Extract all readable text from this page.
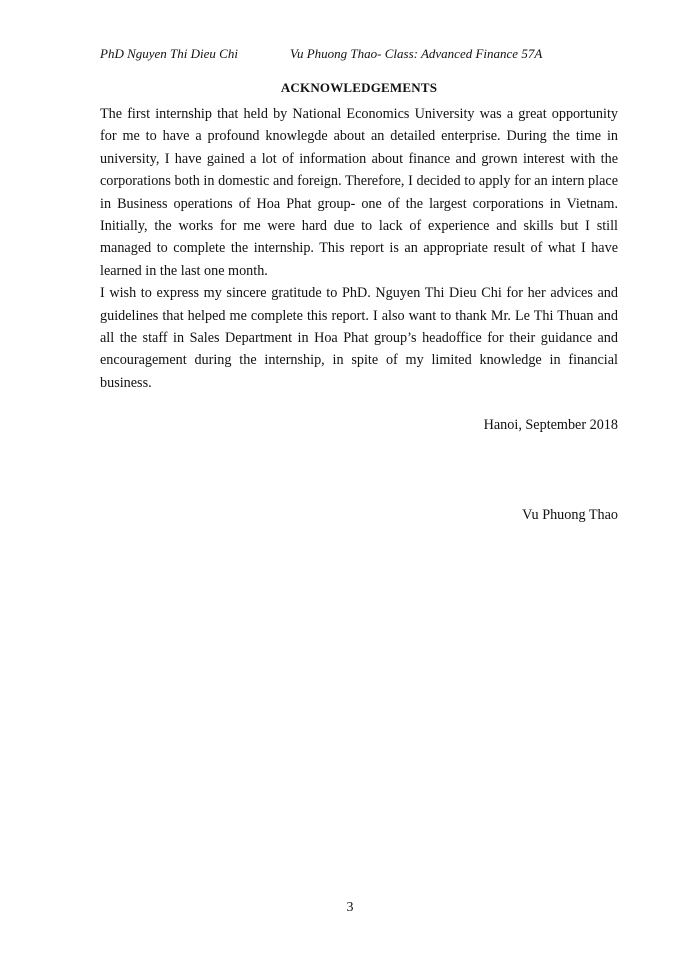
PhD Nguyen Thi Dieu Chi	Vu Phuong Thao- Class: Advanced Finance 57A
ACKNOWLEDGEMENTS

The first internship that held by National Economics University was a great opportunity for me to have a profound knowlegde about an detailed enterprise. During the time in university, I have gained a lot of information about finance and grown interest with the corporations both in domestic and foreign. Therefore, I decided to apply for an intern place in Business operations of Hoa Phat group- one of the largest corporations in Vietnam. Initially, the works for me were hard due to lack of experience and skills but I still managed to complete the internship. This report is an appropriate result of what I have learned in the last one month.

I wish to express my sincere gratitude to PhD. Nguyen Thi Dieu Chi for her advices and guidelines that helped me complete this report. I also want to thank Mr. Le Thi Thuan and all the staff in Sales Department in Hoa Phat group’s headoffice for their guidance and encouragement during the internship, in spite of my limited knowledge in financial business.

Hanoi, September 2018
Vu Phuong Thao
3
